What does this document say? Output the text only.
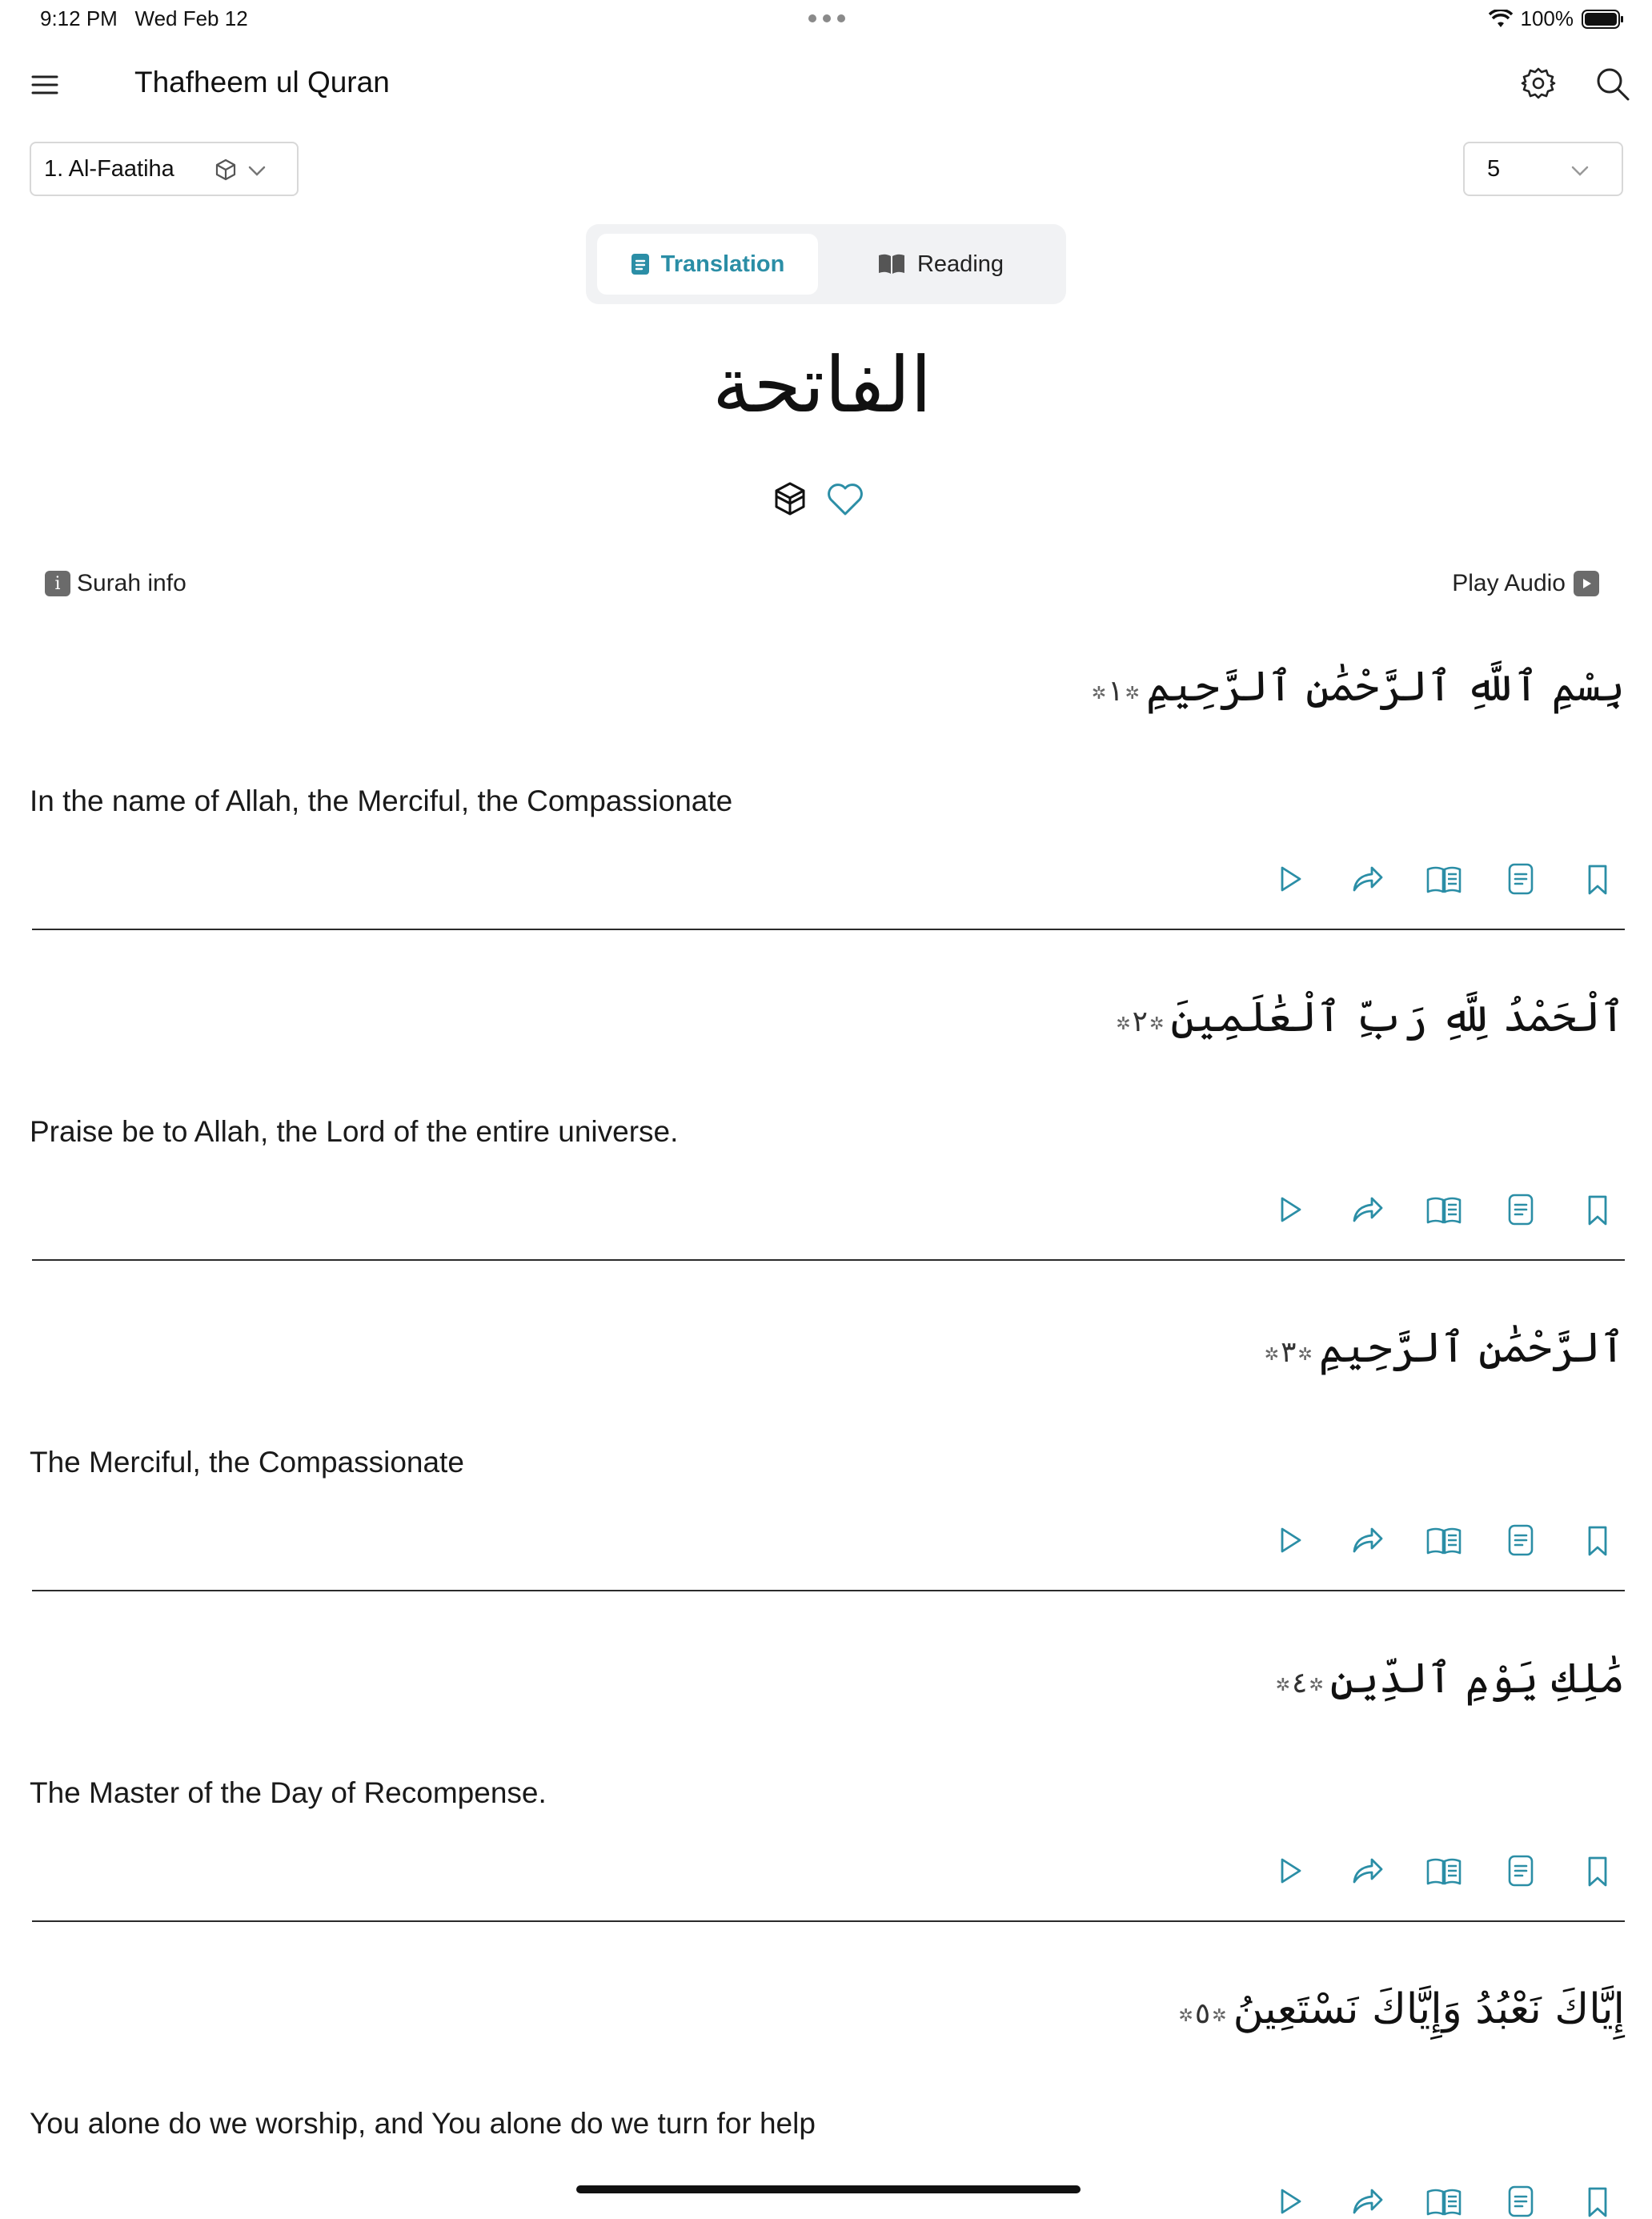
9:12 PM Wed Feb 12	100%
Thafheem ul Quran
1. Al-Faatiha	5
Translation	Reading
الفاتحة
i Surah info	Play Audio
بِسْمِ ٱللَّهِ ٱلرَّحْمَٰنِ ٱلرَّحِيمِ✲ ١ ✲
In the name of Allah, the Merciful, the Compassionate
ٱلْحَمْدُ لِلَّهِ رَبِّ ٱلْعَٰلَمِينَ✲ ٢ ✲
Praise be to Allah, the Lord of the entire universe.
ٱلرَّحْمَٰنِ ٱلرَّحِيمِ✲ ٣ ✲
The Merciful, the Compassionate
مَٰلِكِ يَوْمِ ٱلدِّينِ✲ ٤ ✲
The Master of the Day of Recompense.
إِيَّاكَ نَعْبُدُ وَإِيَّاكَ نَسْتَعِينُ✲ ٥ ✲
You alone do we worship, and You alone do we turn for help
